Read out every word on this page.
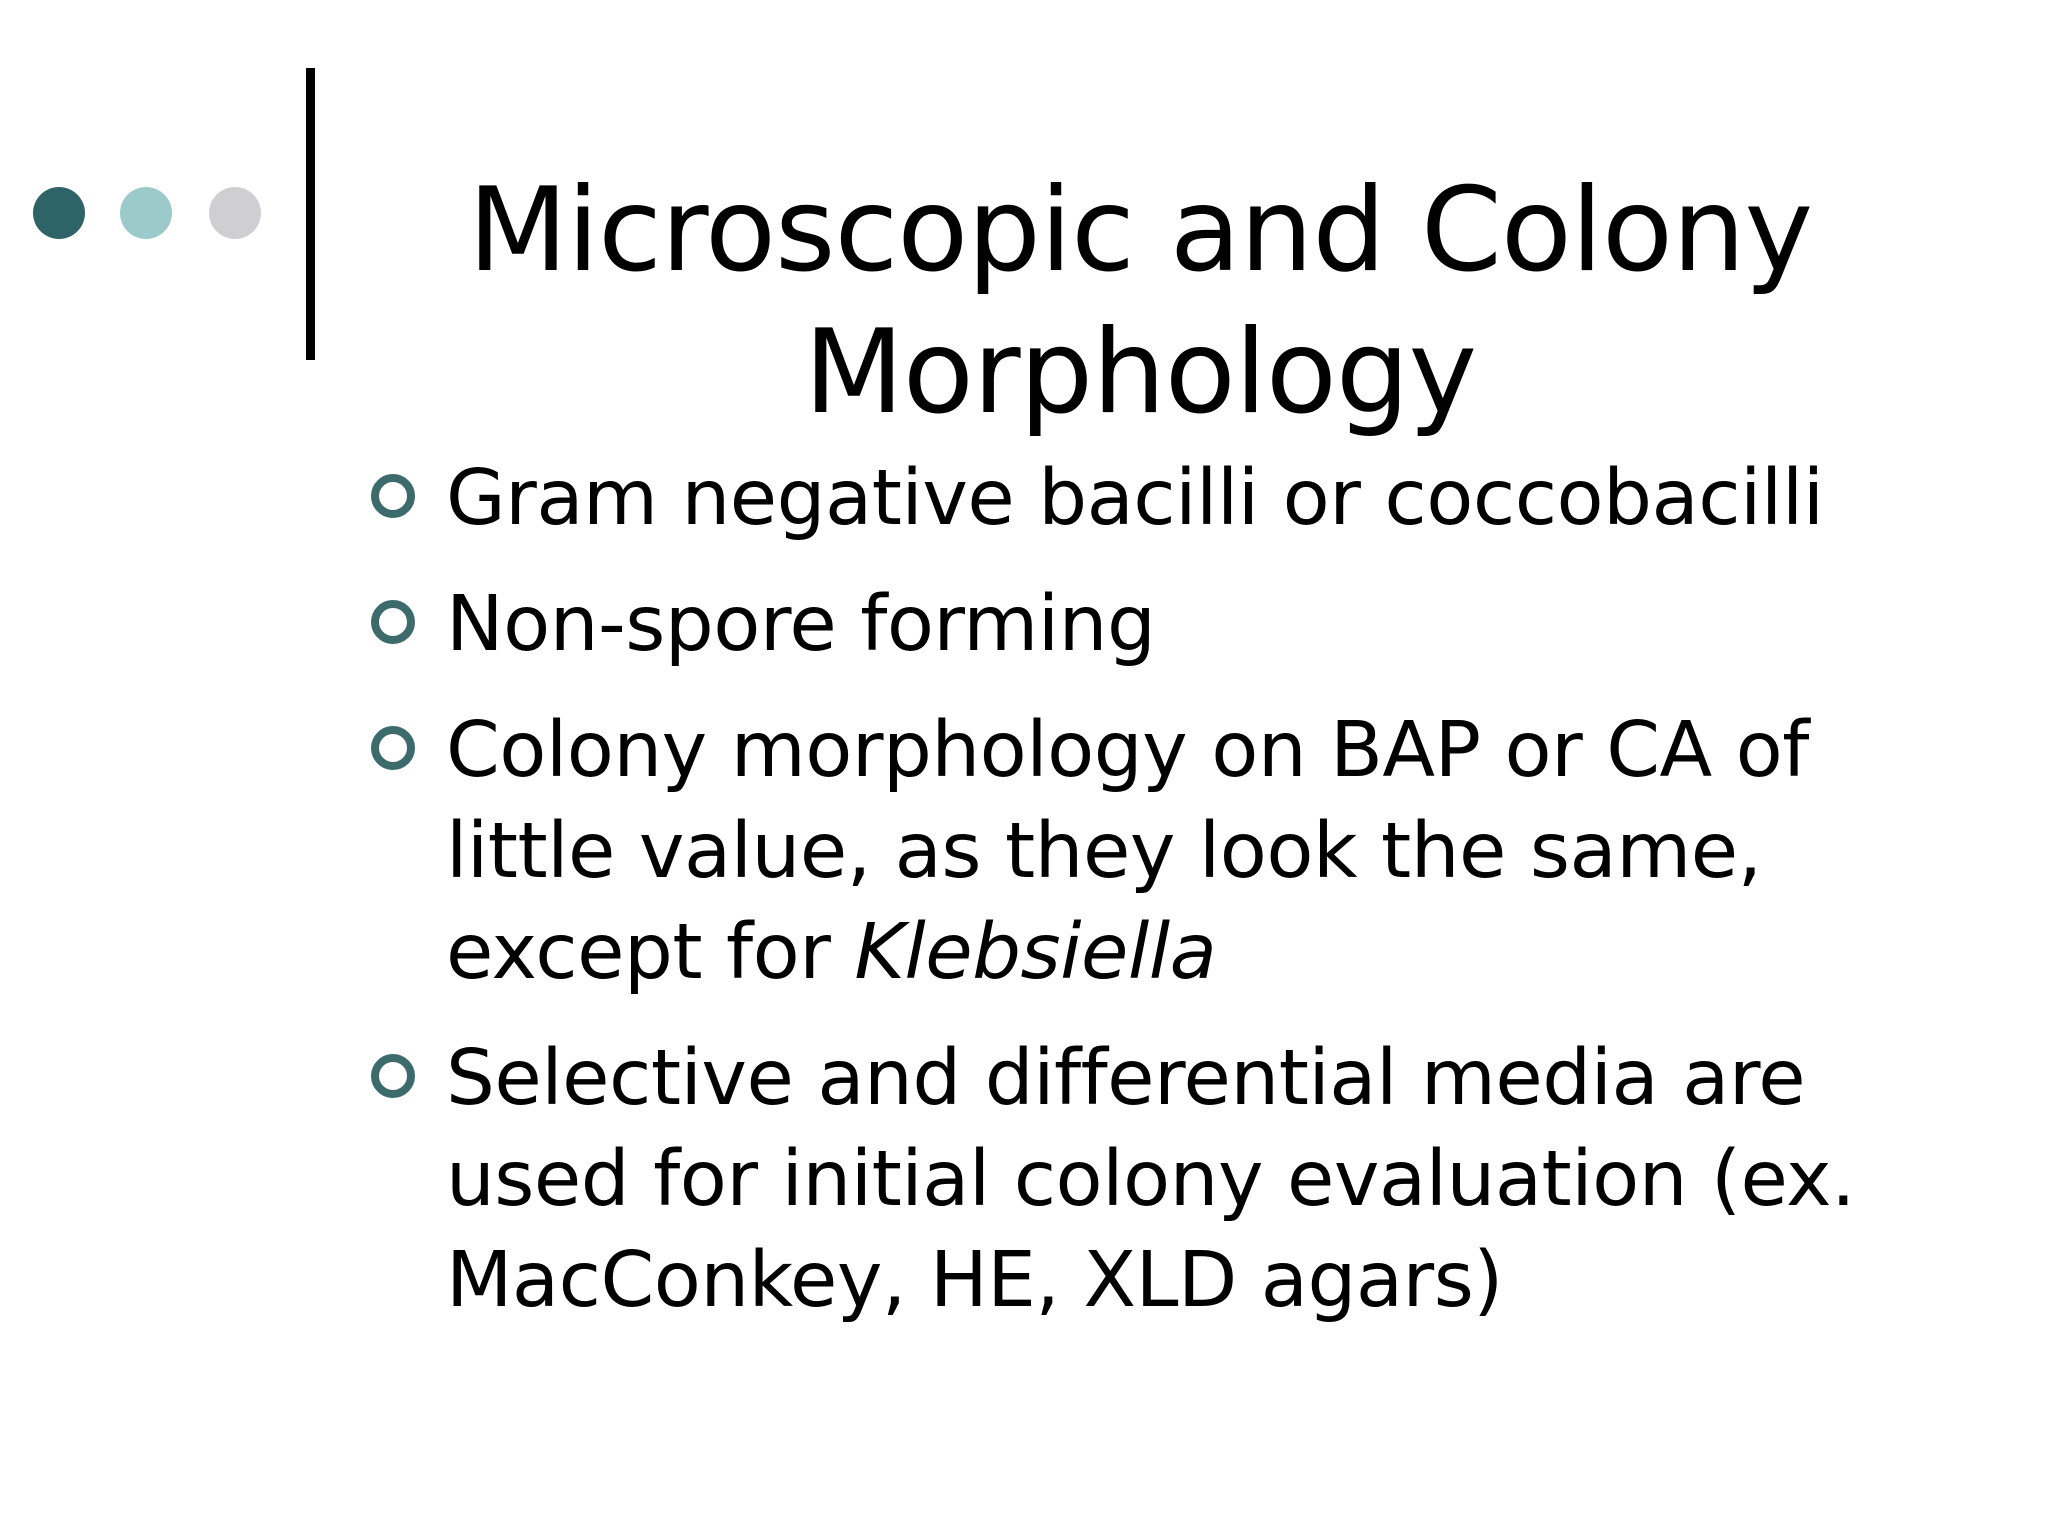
Microscopic and Colony
Morphology
Gram negative bacilli or coccobacilli
Non-spore forming
Colony morphology on BAP or CA of little value, as they look the same, except for Klebsiella
Selective and differential media are used for initial colony evaluation (ex. MacConkey, HE, XLD agars)
